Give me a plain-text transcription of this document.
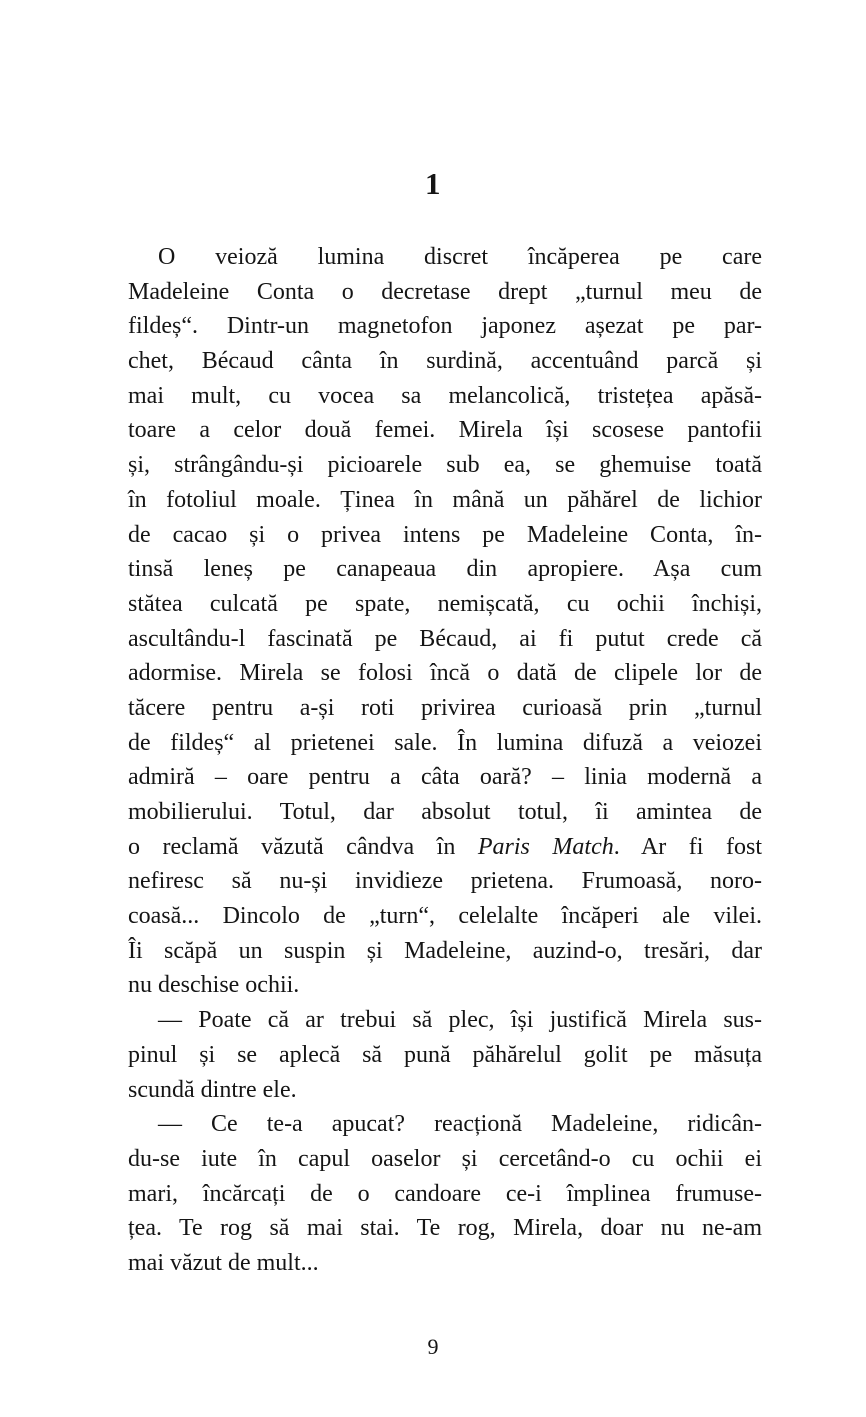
1
O veioză lumina discret încăperea pe care
Madeleine Conta o decretase drept „turnul meu de
fildeș“. Dintr-un magnetofon japonez așezat pe par-
chet, Bécaud cânta în surdină, accentuând parcă și
mai mult, cu vocea sa melancolică, tristețea apăsă-
toare a celor două femei. Mirela își scosese pantofii
și, strângându-și picioarele sub ea, se ghemuise toată
în fotoliul moale. Ținea în mână un păhărel de lichior
de cacao și o privea intens pe Madeleine Conta, în-
tinsă leneș pe canapeaua din apropiere. Așa cum
stătea culcată pe spate, nemișcată, cu ochii închiși,
ascultându-l fascinată pe Bécaud, ai fi putut crede că
adormise. Mirela se folosi încă o dată de clipele lor de
tăcere pentru a-și roti privirea curioasă prin „turnul
de fildeș“ al prietenei sale. În lumina difuză a veiozei
admiră – oare pentru a câta oară? – linia modernă a
mobilierului. Totul, dar absolut totul, îi amintea de
o reclamă văzută cândva în Paris Match. Ar fi fost
nefiresc să nu-și invidieze prietena. Frumoasă, noro-
coasă... Dincolo de „turn“, celelalte încăperi ale vilei.
Îi scăpă un suspin și Madeleine, auzind-o, tresări, dar
nu deschise ochii.
— Poate că ar trebui să plec, își justifică Mirela sus-
pinul și se aplecă să pună păhărelul golit pe măsuța
scundă dintre ele.
— Ce te-a apucat? reacționă Madeleine, ridicân-
du-se iute în capul oaselor și cercetând-o cu ochii ei
mari, încărcați de o candoare ce-i împlinea frumuse-
țea. Te rog să mai stai. Te rog, Mirela, doar nu ne-am
mai văzut de mult...
9
